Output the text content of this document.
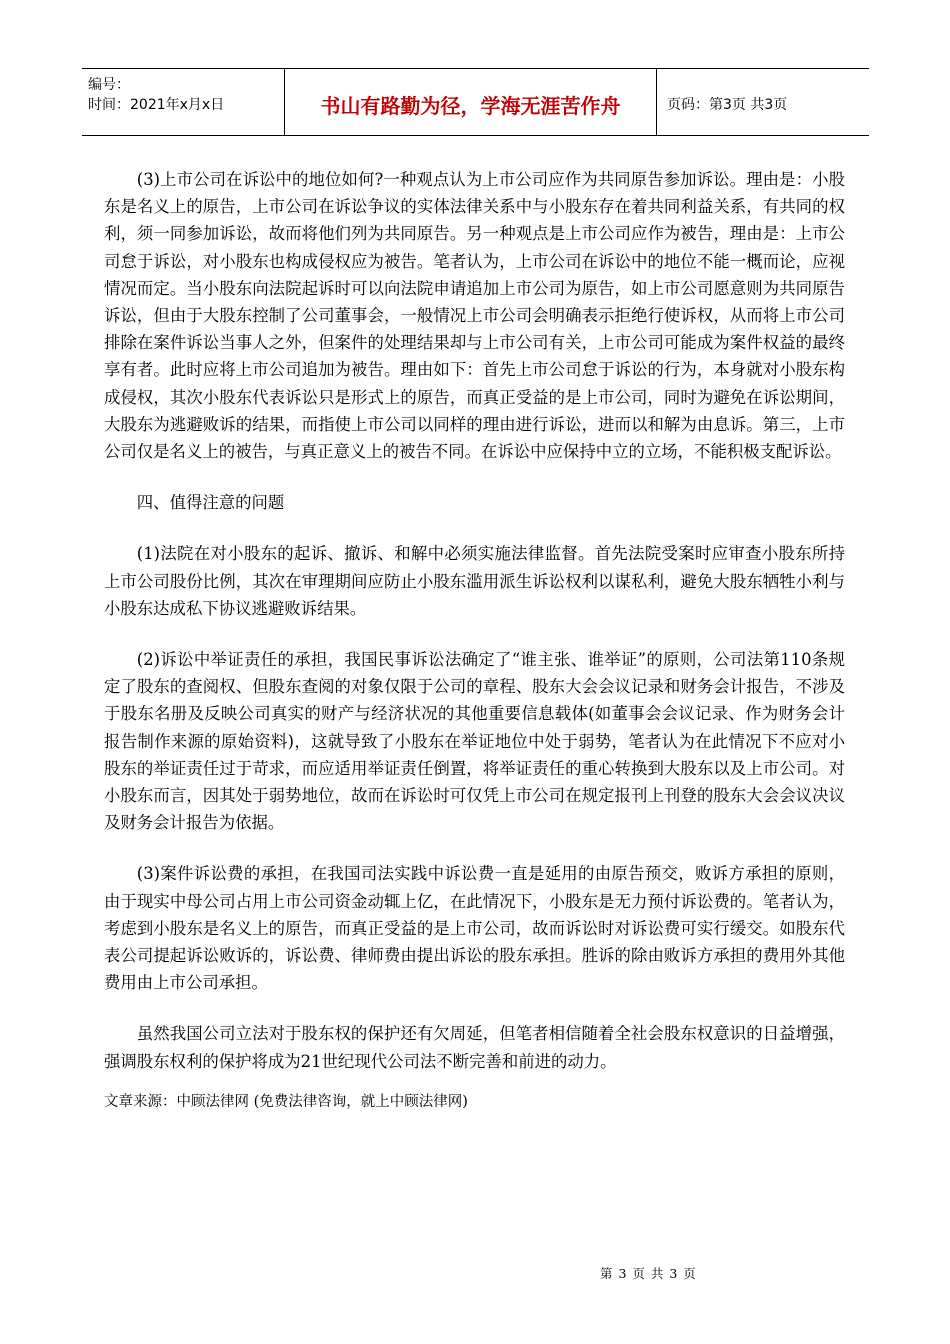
编号：
时间：2021年x月x日	书山有路勤为径，学海无涯苦作舟	页码：第3页 共3页

(3)上市公司在诉讼中的地位如何?一种观点认为上市公司应作为共同原告参加诉讼。理由是：小股东是名义上的原告，上市公司在诉讼争议的实体法律关系中与小股东存在着共同利益关系，有共同的权利，须一同参加诉讼，故而将他们列为共同原告。另一种观点是上市公司应作为被告，理由是：上市公司怠于诉讼，对小股东也构成侵权应为被告。笔者认为，上市公司在诉讼中的地位不能一概而论，应视情况而定。当小股东向法院起诉时可以向法院申请追加上市公司为原告，如上市公司愿意则为共同原告诉讼，但由于大股东控制了公司董事会，一般情况上市公司会明确表示拒绝行使诉权，从而将上市公司排除在案件诉讼当事人之外，但案件的处理结果却与上市公司有关，上市公司可能成为案件权益的最终享有者。此时应将上市公司追加为被告。理由如下：首先上市公司怠于诉讼的行为，本身就对小股东构成侵权，其次小股东代表诉讼只是形式上的原告，而真正受益的是上市公司，同时为避免在诉讼期间，大股东为逃避败诉的结果，而指使上市公司以同样的理由进行诉讼，进而以和解为由息诉。第三，上市公司仅是名义上的被告，与真正意义上的被告不同。在诉讼中应保持中立的立场，不能积极支配诉讼。

四、值得注意的问题

(1)法院在对小股东的起诉、撤诉、和解中必须实施法律监督。首先法院受案时应审查小股东所持上市公司股份比例，其次在审理期间应防止小股东滥用派生诉讼权利以谋私利，避免大股东牺牲小利与小股东达成私下协议逃避败诉结果。

(2)诉讼中举证责任的承担，我国民事诉讼法确定了“谁主张、谁举证”的原则，公司法第110条规定了股东的查阅权、但股东查阅的对象仅限于公司的章程、股东大会会议记录和财务会计报告，不涉及于股东名册及反映公司真实的财产与经济状况的其他重要信息载体(如董事会会议记录、作为财务会计报告制作来源的原始资料)，这就导致了小股东在举证地位中处于弱势，笔者认为在此情况下不应对小股东的举证责任过于苛求，而应适用举证责任倒置，将举证责任的重心转换到大股东以及上市公司。对小股东而言，因其处于弱势地位，故而在诉讼时可仅凭上市公司在规定报刊上刊登的股东大会会议决议及财务会计报告为依据。

(3)案件诉讼费的承担，在我国司法实践中诉讼费一直是延用的由原告预交，败诉方承担的原则，由于现实中母公司占用上市公司资金动辄上亿，在此情况下，小股东是无力预付诉讼费的。笔者认为，考虑到小股东是名义上的原告，而真正受益的是上市公司，故而诉讼时对诉讼费可实行缓交。如股东代表公司提起诉讼败诉的，诉讼费、律师费由提出诉讼的股东承担。胜诉的除由败诉方承担的费用外其他费用由上市公司承担。

虽然我国公司立法对于股东权的保护还有欠周延，但笔者相信随着全社会股东权意识的日益增强，强调股东权利的保护将成为21世纪现代公司法不断完善和前进的动力。

文章来源：中顾法律网 (免费法律咨询，就上中顾法律网)

第 3 页 共 3 页
